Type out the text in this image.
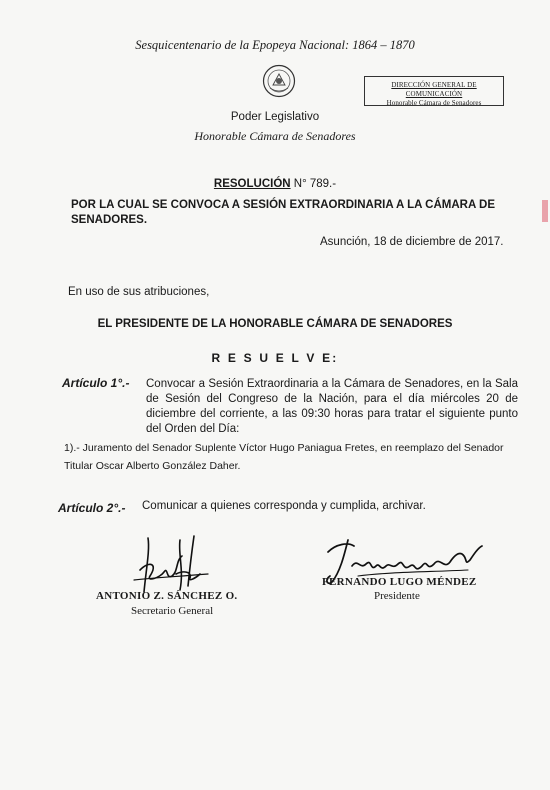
Sesquicentenario de la Epopeya Nacional: 1864 – 1870
DIRECCIÓN GENERAL DE COMUNICACIÓN
Honorable Cámara de Senadores
Poder Legislativo
Honorable Cámara de Senadores
RESOLUCIÓN N° 789.-
POR LA CUAL SE CONVOCA A SESIÓN EXTRAORDINARIA A LA CÁMARA DE SENADORES.
Asunción, 18 de diciembre de 2017.
En uso de sus atribuciones,
EL PRESIDENTE DE LA HONORABLE CÁMARA DE SENADORES
R E S U E L V E:
Artículo 1°.- Convocar a Sesión Extraordinaria a la Cámara de Senadores, en la Sala de Sesión del Congreso de la Nación, para el día miércoles 20 de diciembre del corriente, a las 09:30 horas para tratar el siguiente punto del Orden del Día:
1).- Juramento del Senador Suplente Víctor Hugo Paniagua Fretes, en reemplazo del Senador Titular Oscar Alberto González Daher.
Artículo 2°.- Comunicar a quienes corresponda y cumplida, archivar.
ANTONIO Z. SÁNCHEZ O.
Secretario General
FERNANDO LUGO MÉNDEZ
Presidente
